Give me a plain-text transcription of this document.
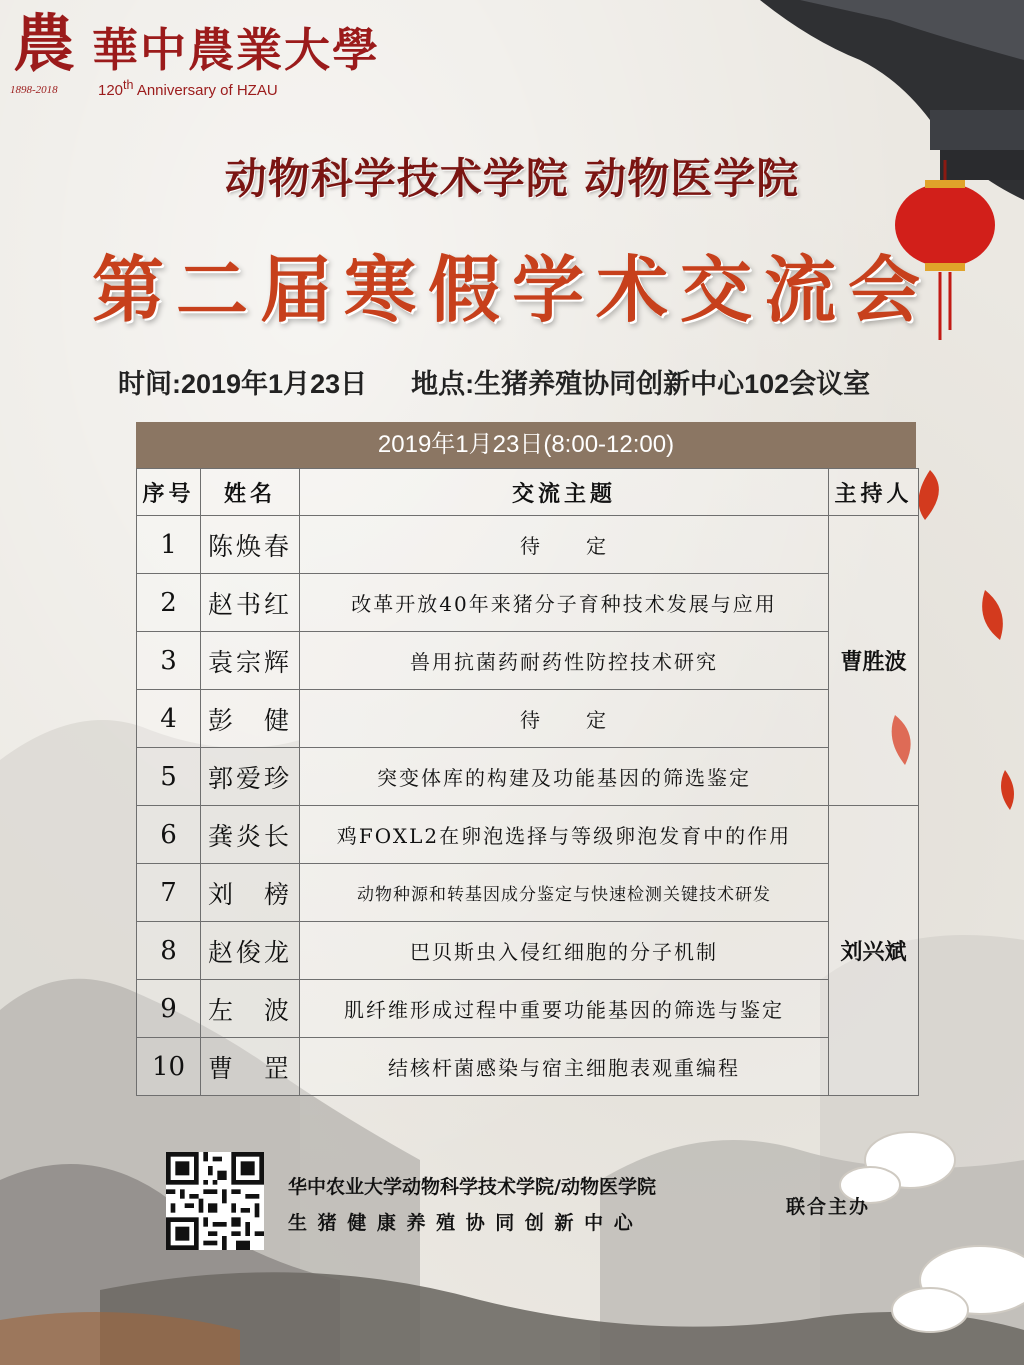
農
1898-2018
華中農業大學
120th Anniversary of HZAU
动物科学技术学院 动物医学院
第二届寒假学术交流会
时间:2019年1月23日 地点:生猪养殖协同创新中心102会议室
2019年1月23日(8:00-12:00)
序号	姓名	交流主题	主持人
1	陈焕春	待　　定	曹胜波
2	赵书红	改革开放40年来猪分子育种技术发展与应用	
3	袁宗辉	兽用抗菌药耐药性防控技术研究	
4	彭　健	待　　定	
5	郭爱珍	突变体库的构建及功能基因的筛选鉴定	
6	龚炎长	鸡FOXL2在卵泡选择与等级卵泡发育中的作用	刘兴斌
7	刘　榜	动物种源和转基因成分鉴定与快速检测关键技术研发	
8	赵俊龙	巴贝斯虫入侵红细胞的分子机制	
9	左　波	肌纤维形成过程中重要功能基因的筛选与鉴定	
10	曹　罡	结核杆菌感染与宿主细胞表观重编程	
华中农业大学动物科学技术学院/动物医学院
生 猪 健 康 养 殖 协 同 创 新 中 心
联合主办
